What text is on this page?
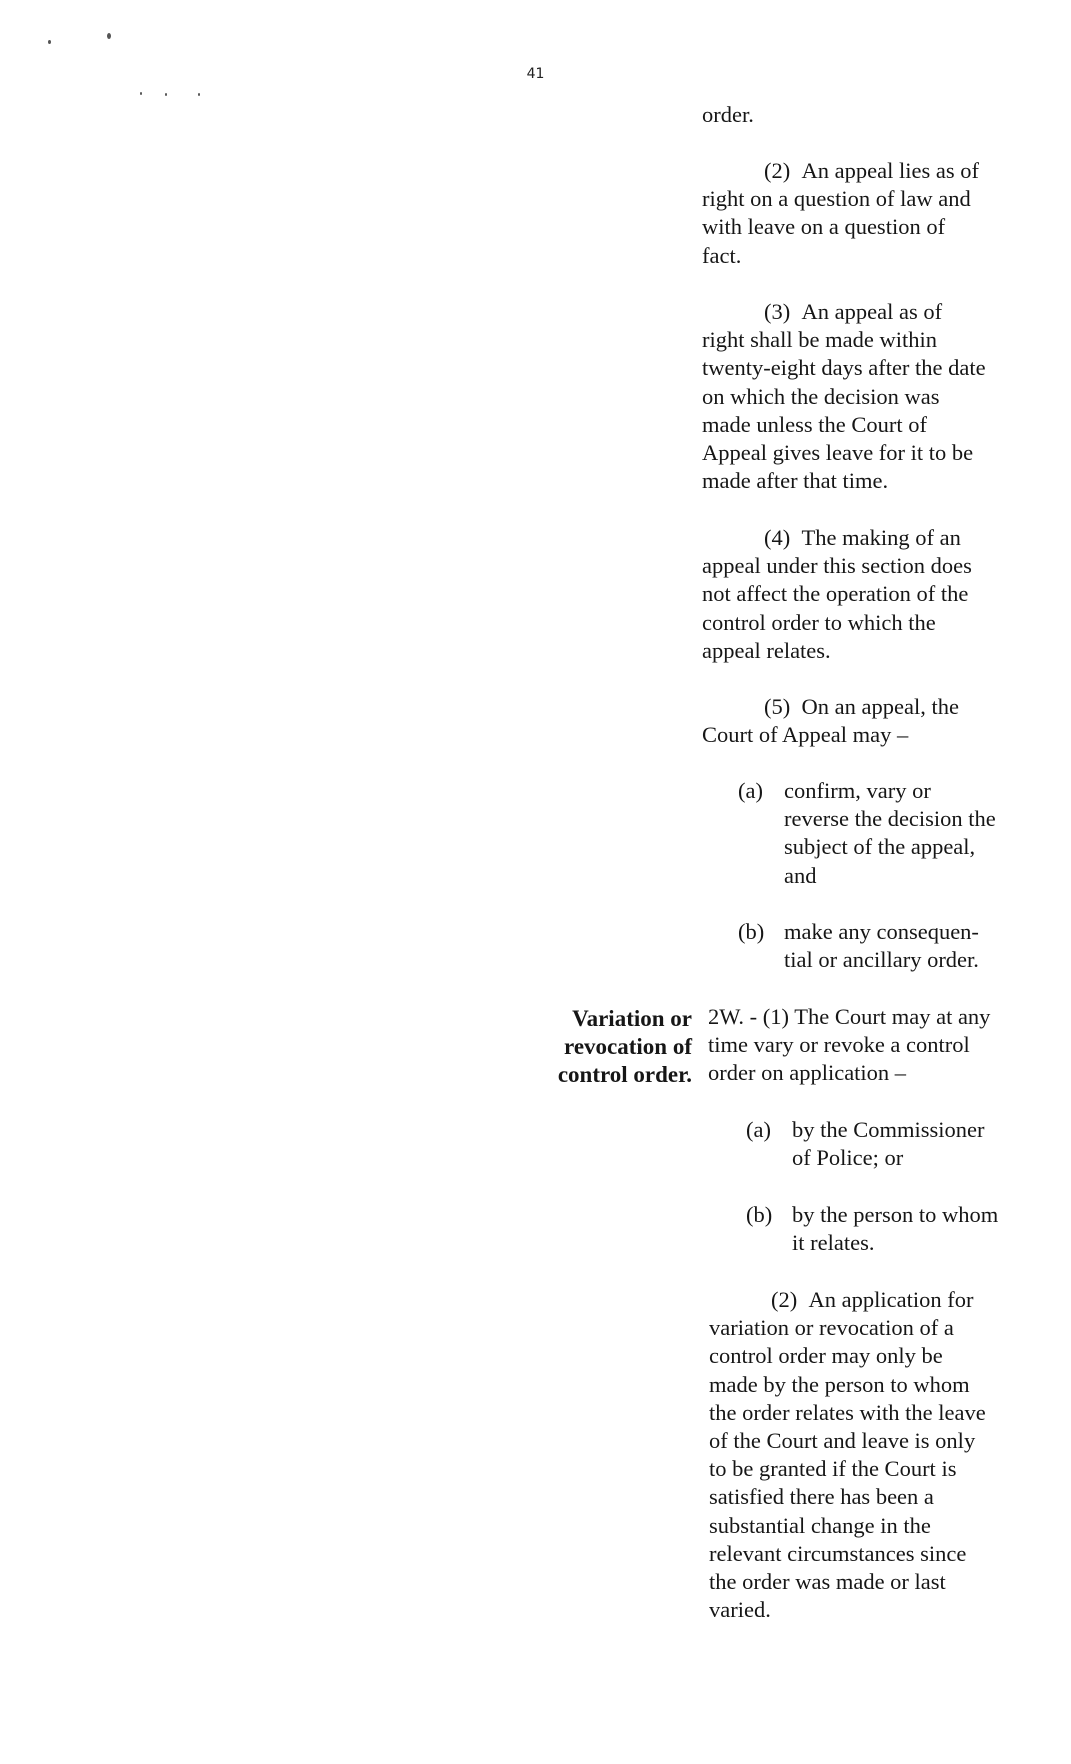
41
Variation or
revocation of
control order.

order.

(2) An appeal lies as of
right on a question of law and
with leave on a question of
fact.

(3) An appeal as of
right shall be made within
twenty-eight days after the date
on which the decision was
made unless the Court of
Appeal gives leave for it to be
made after that time.

(4) The making of an
appeal under this section does
not affect the operation of the
control order to which the
appeal relates.

(5) On an appeal, the
Court of Appeal may –

(a) confirm, vary or
reverse the decision the
subject of the appeal,
and
(b) make any consequen-
tial or ancillary order.

2W. - (1) The Court may at any
time vary or revoke a control
order on application –

(a) by the Commissioner
of Police; or
(b) by the person to whom
it relates.

(2) An application for
variation or revocation of a
control order may only be
made by the person to whom
the order relates with the leave
of the Court and leave is only
to be granted if the Court is
satisfied there has been a
substantial change in the
relevant circumstances since
the order was made or last
varied.
